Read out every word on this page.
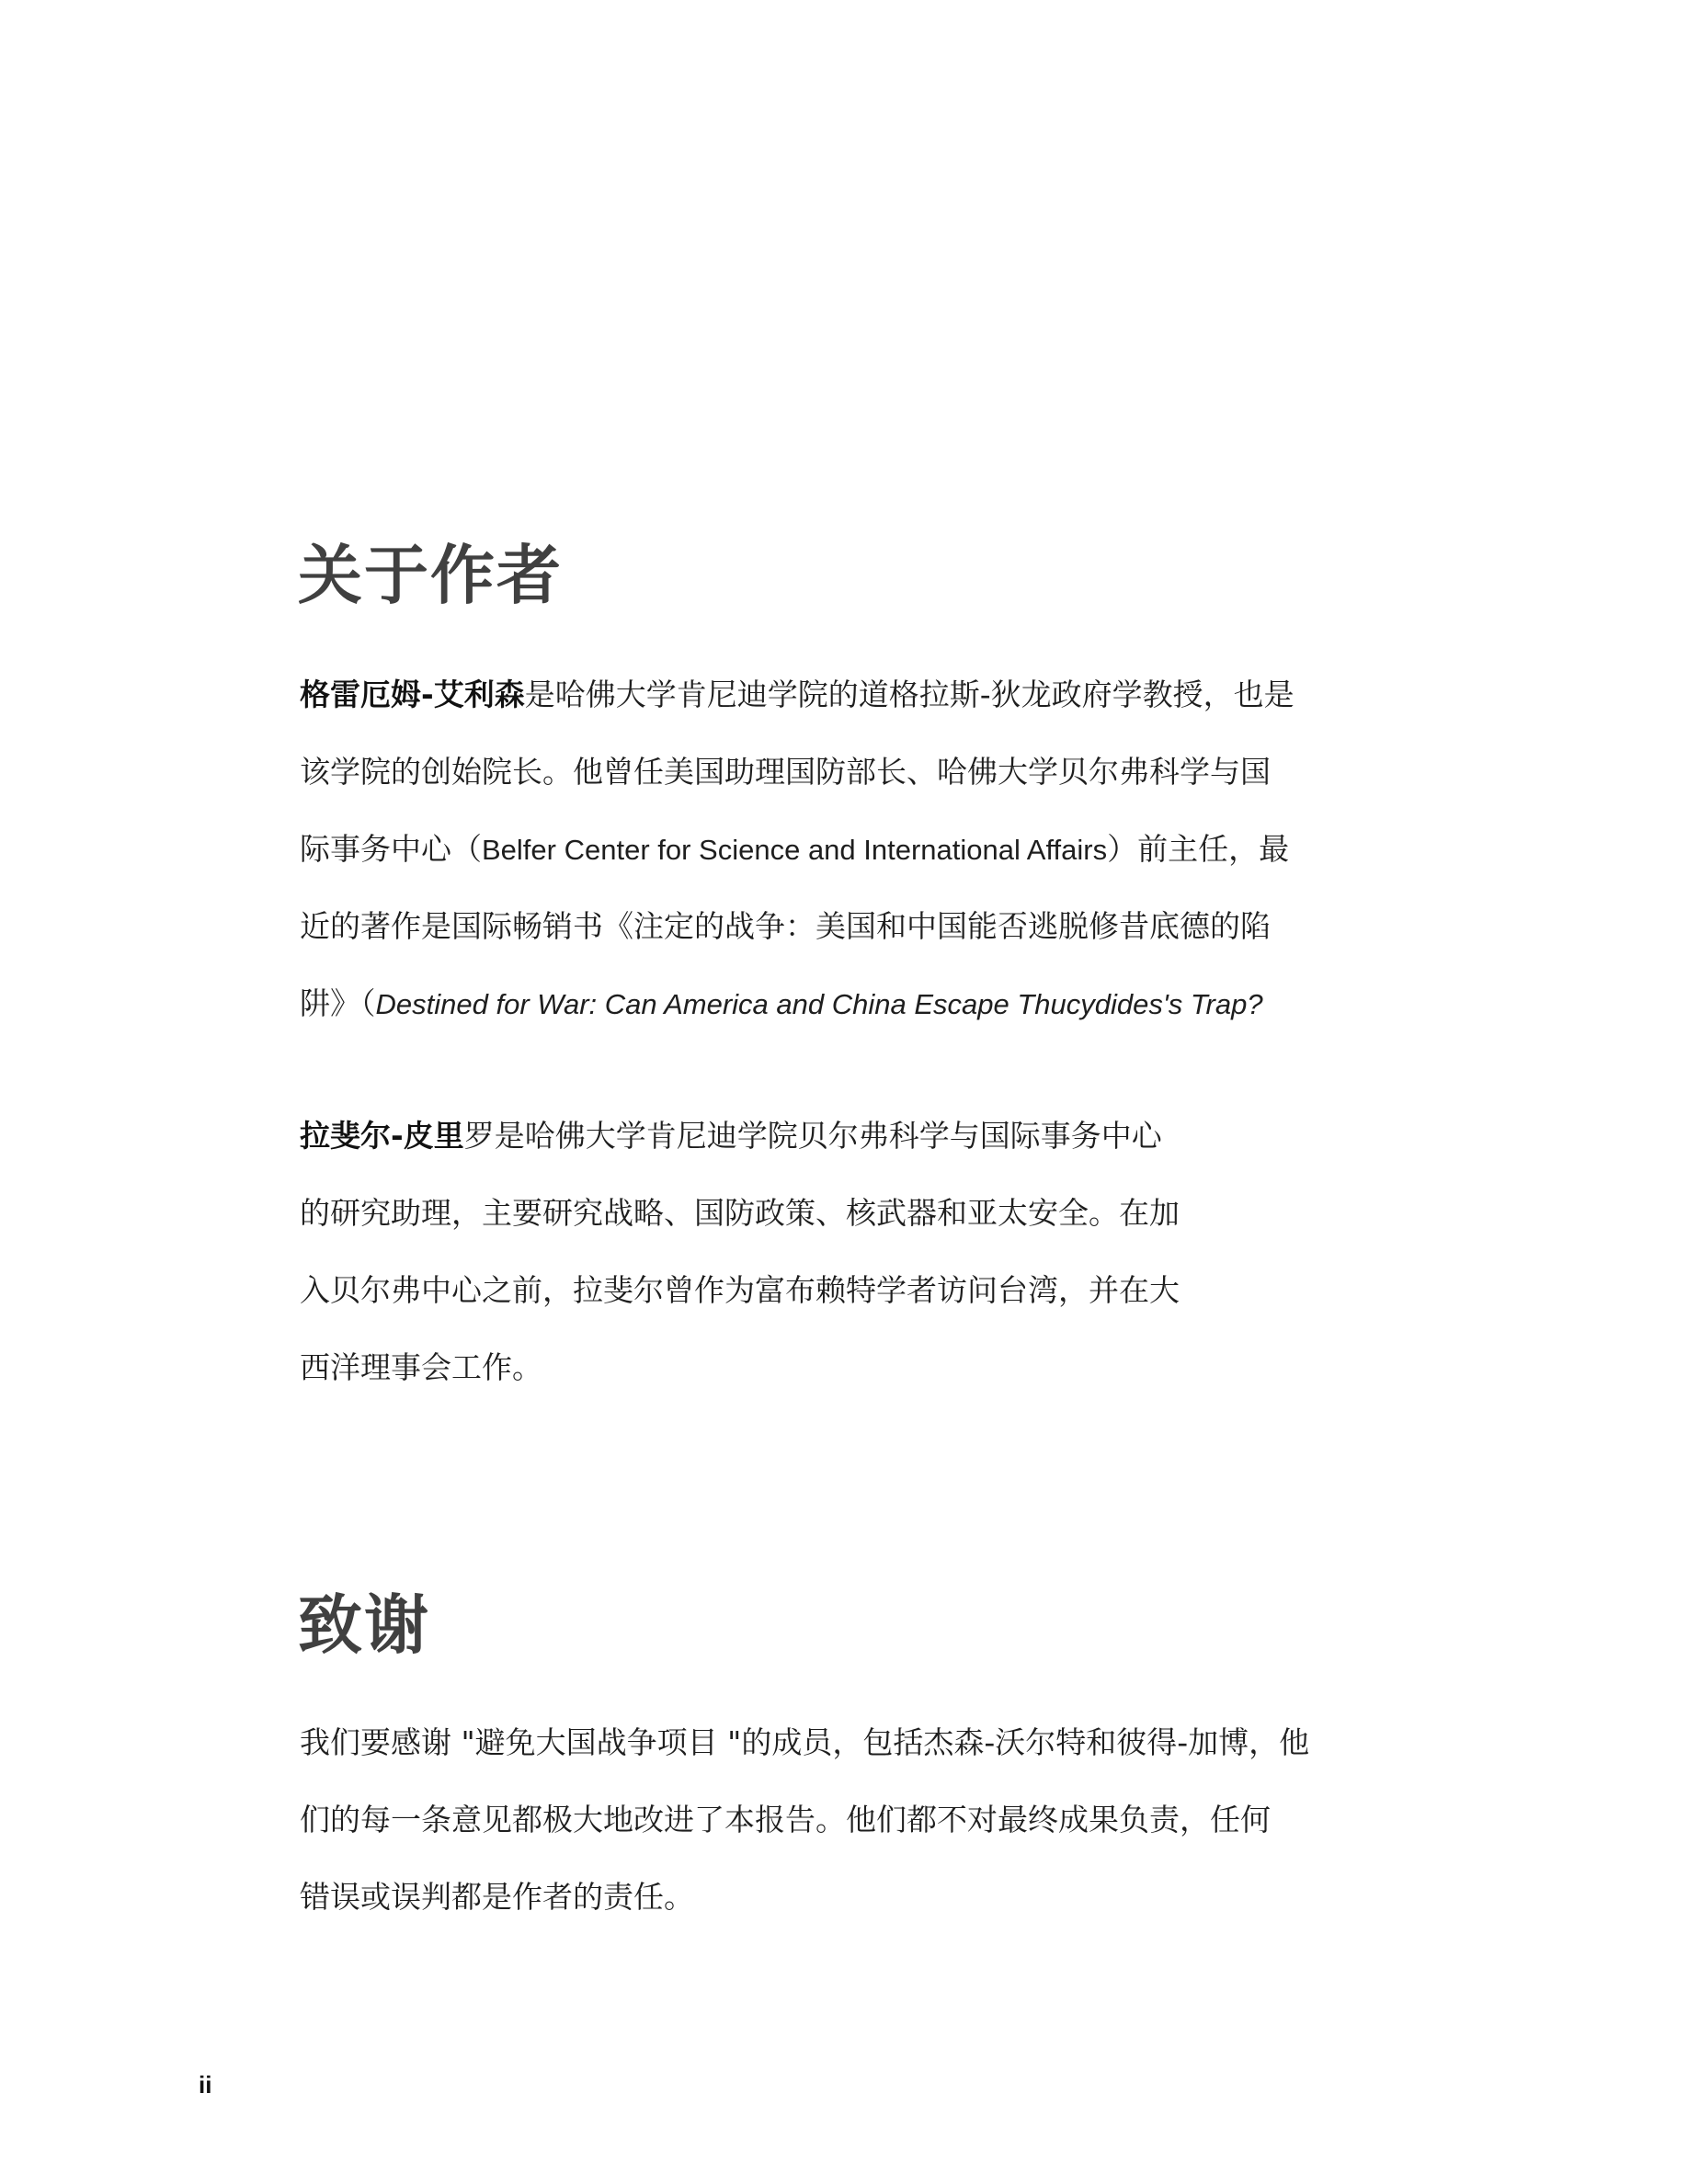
关于作者

格雷厄姆-艾利森是哈佛大学肯尼迪学院的道格拉斯-狄龙政府学教授，也是

该学院的创始院长。他曾任美国助理国防部长、哈佛大学贝尔弗科学与国

际事务中心（Belfer Center for Science and International Affairs）前主任，最

近的著作是国际畅销书《注定的战争：美国和中国能否逃脱修昔底德的陷

阱》（Destined for War: Can America and China Escape Thucydides's Trap?

拉斐尔-皮里罗是哈佛大学肯尼迪学院贝尔弗科学与国际事务中心

的研究助理，主要研究战略、国防政策、核武器和亚太安全。在加

入贝尔弗中心之前，拉斐尔曾作为富布赖特学者访问台湾，并在大

西洋理事会工作。

致谢

我们要感谢 "避免大国战争项目 "的成员，包括杰森-沃尔特和彼得-加博，他

们的每一条意见都极大地改进了本报告。他们都不对最终成果负责，任何

错误或误判都是作者的责任。

ii
